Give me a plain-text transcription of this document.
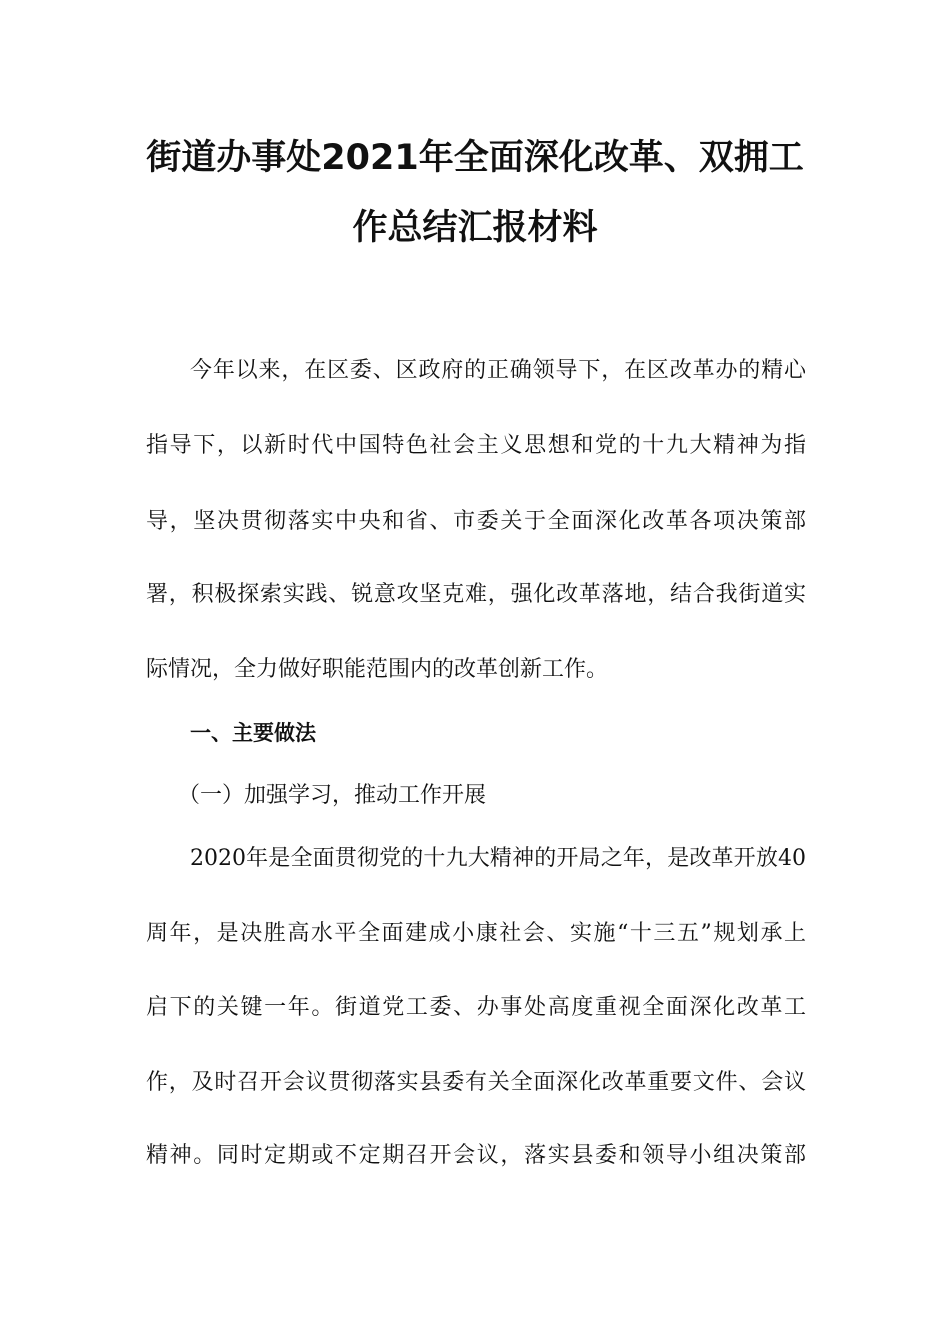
街道办事处2021年全面深化改革、双拥工
作总结汇报材料
今年以来，在区委、区政府的正确领导下，在区改革办的精心
指导下，以新时代中国特色社会主义思想和党的十九大精神为指
导，坚决贯彻落实中央和省、市委关于全面深化改革各项决策部
署，积极探索实践、锐意攻坚克难，强化改革落地，结合我街道实
际情况，全力做好职能范围内的改革创新工作。
一、主要做法
（一）加强学习，推动工作开展
2020年是全面贯彻党的十九大精神的开局之年，是改革开放40
周年，是决胜高水平全面建成小康社会、实施“十三五”规划承上
启下的关键一年。街道党工委、办事处高度重视全面深化改革工
作，及时召开会议贯彻落实县委有关全面深化改革重要文件、会议
精神。同时定期或不定期召开会议，落实县委和领导小组决策部
